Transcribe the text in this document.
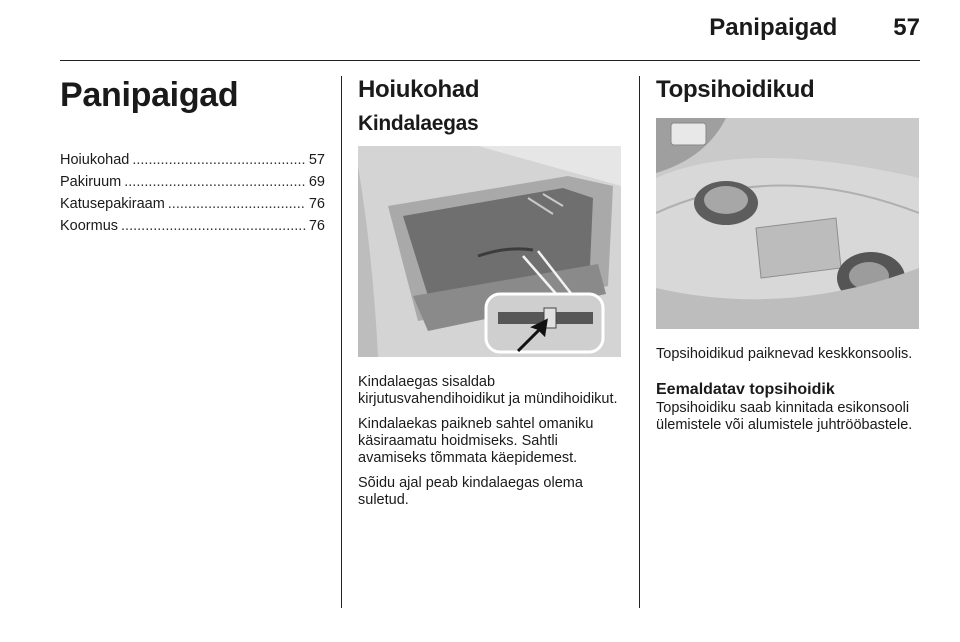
Panipaigad 57
Panipaigad
Hoiukohad .....	57
Pakiruum .....	69
Katusepakiraam .....	76
Koormus .....	76
Hoiukohad
Kindalaegas

Kindalaegas sisaldab kirjutusvahendihoidikut ja mündihoidikut.

Kindalaekas paikneb sahtel omaniku käsiraamatu hoidmiseks. Sahtli avamiseks tõmmata käepidemest.

Sõidu ajal peab kindalaegas olema suletud.

Topsihoidikud

Topsihoidikud paiknevad keskkonsoolis.

Eemaldatav topsihoidik

Topsihoidiku saab kinnitada esikonsooli ülemistele või alumistele juhtrööbastele.
